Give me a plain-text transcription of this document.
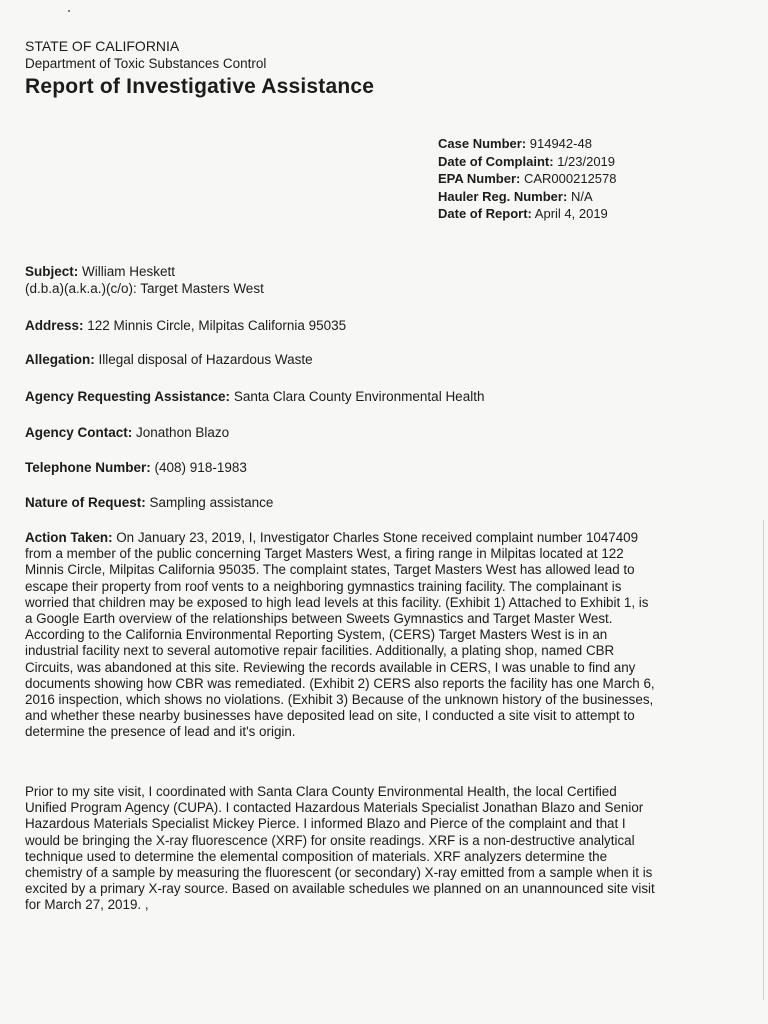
STATE OF CALIFORNIA
Department of Toxic Substances Control
Report of Investigative Assistance
Case Number: 914942-48
Date of Complaint: 1/23/2019
EPA Number: CAR000212578
Hauler Reg. Number: N/A
Date of Report: April 4, 2019
Subject: William Heskett
(d.b.a)(a.k.a.)(c/o): Target Masters West
Address: 122 Minnis Circle, Milpitas California 95035
Allegation: Illegal disposal of Hazardous Waste
Agency Requesting Assistance: Santa Clara County Environmental Health
Agency Contact: Jonathon Blazo
Telephone Number: (408) 918-1983
Nature of Request: Sampling assistance
Action Taken: On January 23, 2019, I, Investigator Charles Stone received complaint number 1047409
from a member of the public concerning Target Masters West, a firing range in Milpitas located at 122
Minnis Circle, Milpitas California 95035. The complaint states, Target Masters West has allowed lead to
escape their property from roof vents to a neighboring gymnastics training facility. The complainant is
worried that children may be exposed to high lead levels at this facility. (Exhibit 1) Attached to Exhibit 1, is
a Google Earth overview of the relationships between Sweets Gymnastics and Target Master West.
According to the California Environmental Reporting System, (CERS) Target Masters West is in an
industrial facility next to several automotive repair facilities. Additionally, a plating shop, named CBR
Circuits, was abandoned at this site. Reviewing the records available in CERS, I was unable to find any
documents showing how CBR was remediated. (Exhibit 2) CERS also reports the facility has one March 6,
2016 inspection, which shows no violations. (Exhibit 3) Because of the unknown history of the businesses,
and whether these nearby businesses have deposited lead on site, I conducted a site visit to attempt to
determine the presence of lead and it's origin.
Prior to my site visit, I coordinated with Santa Clara County Environmental Health, the local Certified
Unified Program Agency (CUPA). I contacted Hazardous Materials Specialist Jonathan Blazo and Senior
Hazardous Materials Specialist Mickey Pierce. I informed Blazo and Pierce of the complaint and that I
would be bringing the X-ray fluorescence (XRF) for onsite readings. XRF is a non-destructive analytical
technique used to determine the elemental composition of materials. XRF analyzers determine the
chemistry of a sample by measuring the fluorescent (or secondary) X-ray emitted from a sample when it is
excited by a primary X-ray source. Based on available schedules we planned on an unannounced site visit
for March 27, 2019. ,
